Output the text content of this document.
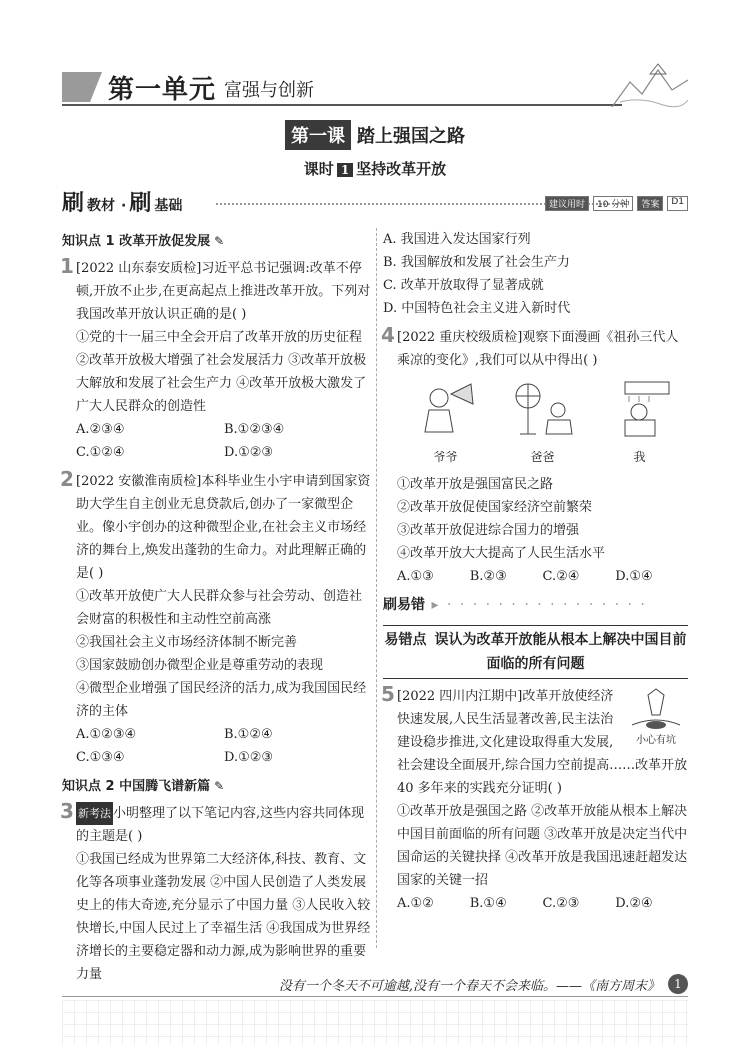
第一单元 富强与创新
第一课 踏上强国之路
课时 1 坚持改革开放
刷 教材 · 刷 基础	建议用时	10 分钟	答案	D1
知识点 1 改革开放促发展 ✎
1 [2022 山东泰安质检]习近平总书记强调:改革不停顿,开放不止步,在更高起点上推进改革开放。下列对我国改革开放认识正确的是( )
①党的十一届三中全会开启了改革开放的历史征程 ②改革开放极大增强了社会发展活力 ③改革开放极大解放和发展了社会生产力 ④改革开放极大激发了广大人民群众的创造性
A.②③④	B.①②③④
C.①②④	D.①②③
2 [2022 安徽淮南质检]本科毕业生小宇申请到国家资助大学生自主创业无息贷款后,创办了一家微型企业。像小宇创办的这种微型企业,在社会主义市场经济的舞台上,焕发出蓬勃的生命力。对此理解正确的是( )
①改革开放使广大人民群众参与社会劳动、创造社会财富的积极性和主动性空前高涨
②我国社会主义市场经济体制不断完善
③国家鼓励创办微型企业是尊重劳动的表现
④微型企业增强了国民经济的活力,成为我国国民经济的主体
A.①②③④	B.①②④
C.①③④	D.①②③
知识点 2 中国腾飞谱新篇 ✎
3 新考法 小明整理了以下笔记内容,这些内容共同体现的主题是( )
①我国已经成为世界第二大经济体,科技、教育、文化等各项事业蓬勃发展 ②中国人民创造了人类发展史上的伟大奇迹,充分显示了中国力量 ③人民收入较快增长,中国人民过上了幸福生活 ④我国成为世界经济增长的主要稳定器和动力源,成为影响世界的重要力量
A. 我国进入发达国家行列
B. 我国解放和发展了社会生产力
C. 改革开放取得了显著成就
D. 中国特色社会主义进入新时代
4 [2022 重庆校级质检]观察下面漫画《祖孙三代人乘凉的变化》,我们可以从中得出( )
爷爷	爸爸	我
①改革开放是强国富民之路
②改革开放促使国家经济空前繁荣
③改革开放促进综合国力的增强
④改革开放大大提高了人民生活水平
A.①③	B.②③	C.②④	D.①④
刷易错 ▸ · · · · · · · · · · · · · · · ·
易错点 误认为改革开放能从根本上解决中国目前面临的所有问题
5
小心有坑
[2022 四川内江期中]改革开放使经济快速发展,人民生活显著改善,民主法治建设稳步推进,文化建设取得重大发展,社会建设全面展开,综合国力空前提高……改革开放 40 多年来的实践充分证明( )
①改革开放是强国之路 ②改革开放能从根本上解决中国目前面临的所有问题 ③改革开放是决定当代中国命运的关键抉择 ④改革开放是我国迅速赶超发达国家的关键一招
A.①②	B.①④	C.②③	D.②④
没有一个冬天不可逾越,没有一个春天不会来临。——《南方周末》	1
